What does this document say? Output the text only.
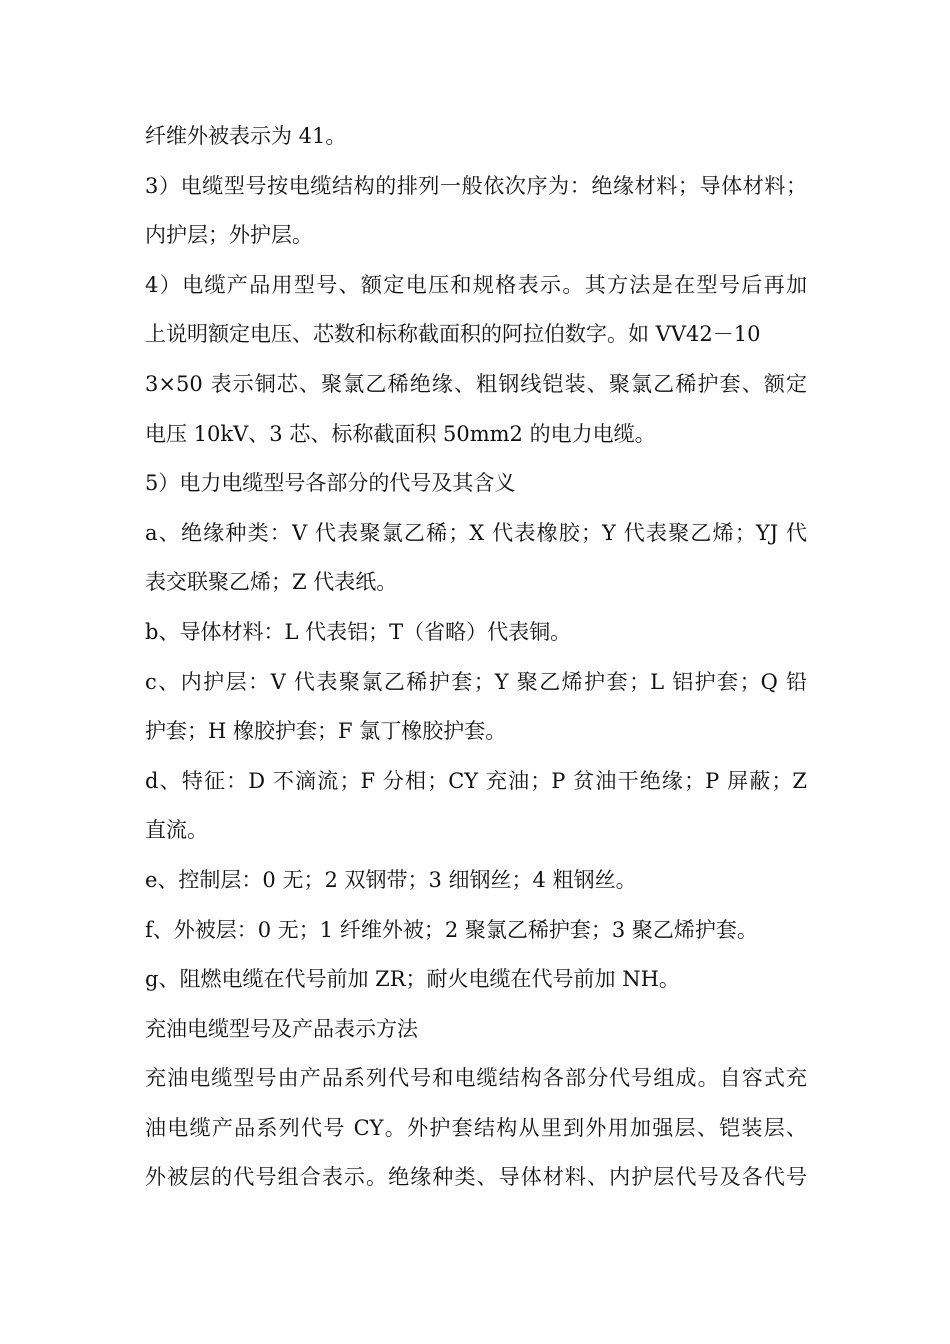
纤维外被表示为 41。
3）电缆型号按电缆结构的排列一般依次序为：绝缘材料；导体材料；
内护层；外护层。
4）电缆产品用型号、额定电压和规格表示。其方法是在型号后再加
上说明额定电压、芯数和标称截面积的阿拉伯数字。如 VV42－10
3×50 表示铜芯、聚氯乙稀绝缘、粗钢线铠装、聚氯乙稀护套、额定
电压 10kV、3 芯、标称截面积 50mm2 的电力电缆。
5）电力电缆型号各部分的代号及其含义
a、绝缘种类：V 代表聚氯乙稀；X 代表橡胶；Y 代表聚乙烯；YJ 代
表交联聚乙烯；Z 代表纸。
b、导体材料：L 代表铝；T（省略）代表铜。
c、内护层：V 代表聚氯乙稀护套；Y 聚乙烯护套；L 铝护套；Q 铅
护套；H 橡胶护套；F 氯丁橡胶护套。
d、特征：D 不滴流；F 分相；CY 充油；P 贫油干绝缘；P 屏蔽；Z
直流。
e、控制层：0 无；2 双钢带；3 细钢丝；4 粗钢丝。
f、外被层：0 无；1 纤维外被；2 聚氯乙稀护套；3 聚乙烯护套。
g、阻燃电缆在代号前加 ZR；耐火电缆在代号前加 NH。
充油电缆型号及产品表示方法
充油电缆型号由产品系列代号和电缆结构各部分代号组成。自容式充
油电缆产品系列代号 CY。外护套结构从里到外用加强层、铠装层、
外被层的代号组合表示。绝缘种类、导体材料、内护层代号及各代号
